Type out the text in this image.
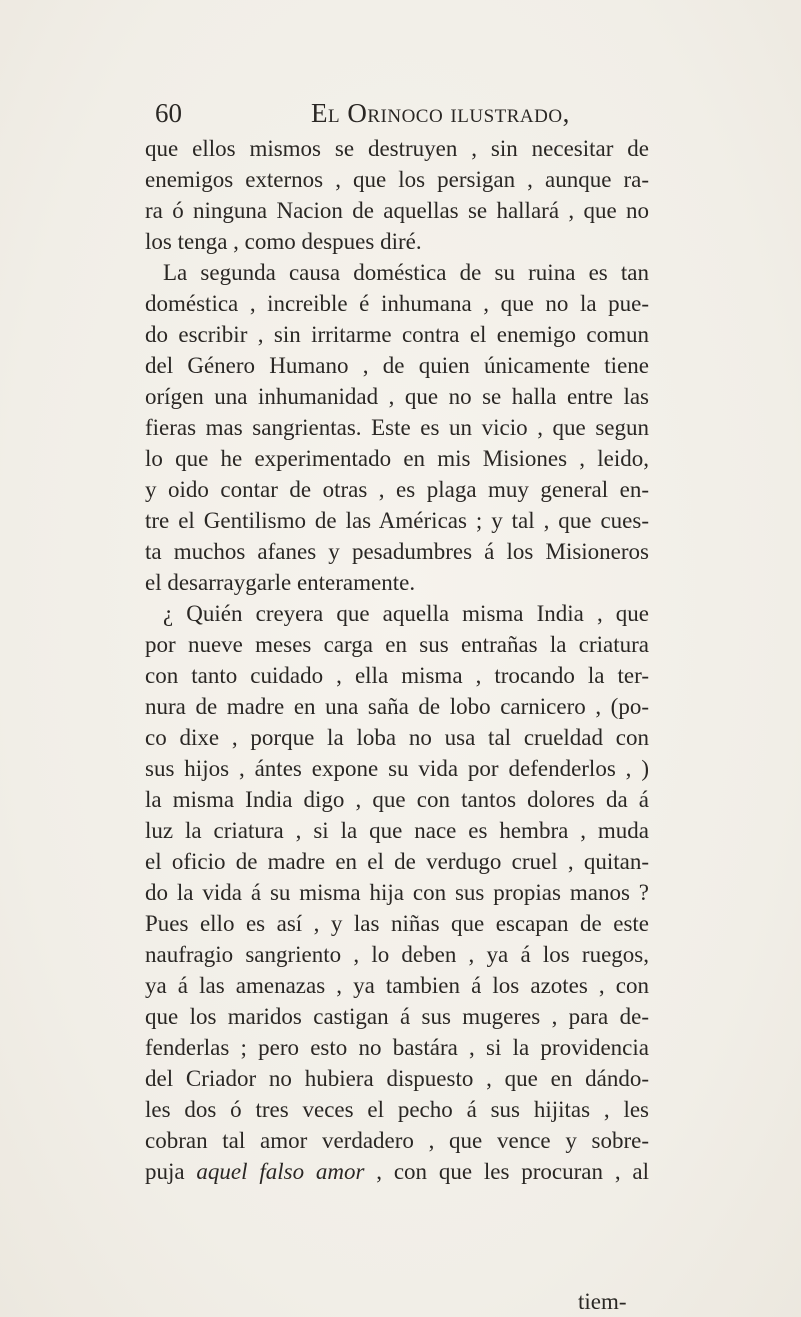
60	El Orinoco ilustrado,
que ellos mismos se destruyen , sin necesitar de
enemigos externos , que los persigan , aunque ra-
ra ó ninguna Nacion de aquellas se hallará , que no
los tenga , como despues diré.
La segunda causa doméstica de su ruina es tan
doméstica , increible é inhumana , que no la pue-
do escribir , sin irritarme contra el enemigo comun
del Género Humano , de quien únicamente tiene
orígen una inhumanidad , que no se halla entre las
fieras mas sangrientas. Este es un vicio , que segun
lo que he experimentado en mis Misiones , leido,
y oido contar de otras , es plaga muy general en-
tre el Gentilismo de las Américas ; y tal , que cues-
ta muchos afanes y pesadumbres á los Misioneros
el desarraygarle enteramente.
¿ Quién creyera que aquella misma India , que
por nueve meses carga en sus entrañas la criatura
con tanto cuidado , ella misma , trocando la ter-
nura de madre en una saña de lobo carnicero , (po-
co dixe , porque la loba no usa tal crueldad con
sus hijos , ántes expone su vida por defenderlos , )
la misma India digo , que con tantos dolores da á
luz la criatura , si la que nace es hembra , muda
el oficio de madre en el de verdugo cruel , quitan-
do la vida á su misma hija con sus propias manos ?
Pues ello es así , y las niñas que escapan de este
naufragio sangriento , lo deben , ya á los ruegos,
ya á las amenazas , ya tambien á los azotes , con
que los maridos castigan á sus mugeres , para de-
fenderlas ; pero esto no bastára , si la providencia
del Criador no hubiera dispuesto , que en dándo-
les dos ó tres veces el pecho á sus hijitas , les
cobran tal amor verdadero , que vence y sobre-
puja aquel falso amor , con que les procuran , al
tiem-
